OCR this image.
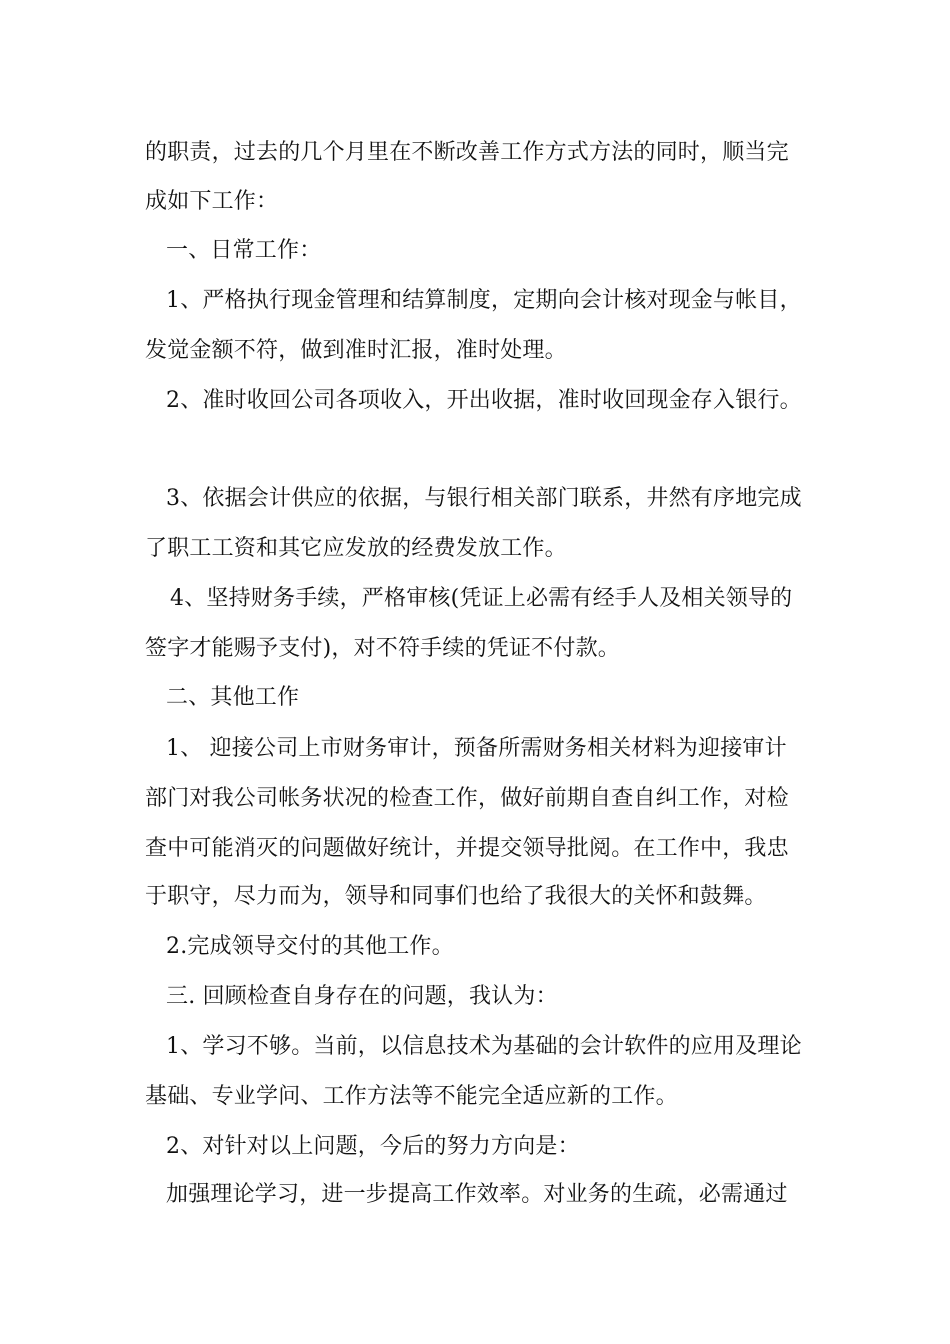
的职责，过去的几个月里在不断改善工作方式方法的同时，顺当完
成如下工作：
一、日常工作：
1、严格执行现金管理和结算制度，定期向会计核对现金与帐目，
发觉金额不符，做到准时汇报，准时处理。
2、准时收回公司各项收入，开出收据，准时收回现金存入银行。
3、依据会计供应的依据，与银行相关部门联系，井然有序地完成
了职工工资和其它应发放的经费发放工作。
4、坚持财务手续，严格审核(凭证上必需有经手人及相关领导的
签字才能赐予支付)，对不符手续的凭证不付款。
二、其他工作
1、 迎接公司上市财务审计，预备所需财务相关材料为迎接审计
部门对我公司帐务状况的检查工作，做好前期自查自纠工作，对检
查中可能消灭的问题做好统计，并提交领导批阅。在工作中，我忠
于职守，尽力而为，领导和同事们也给了我很大的关怀和鼓舞。
2.完成领导交付的其他工作。
三. 回顾检查自身存在的问题，我认为：
1、学习不够。当前，以信息技术为基础的会计软件的应用及理论
基础、专业学问、工作方法等不能完全适应新的工作。
2、对针对以上问题，今后的努力方向是：
加强理论学习，进一步提高工作效率。对业务的生疏，必需通过
